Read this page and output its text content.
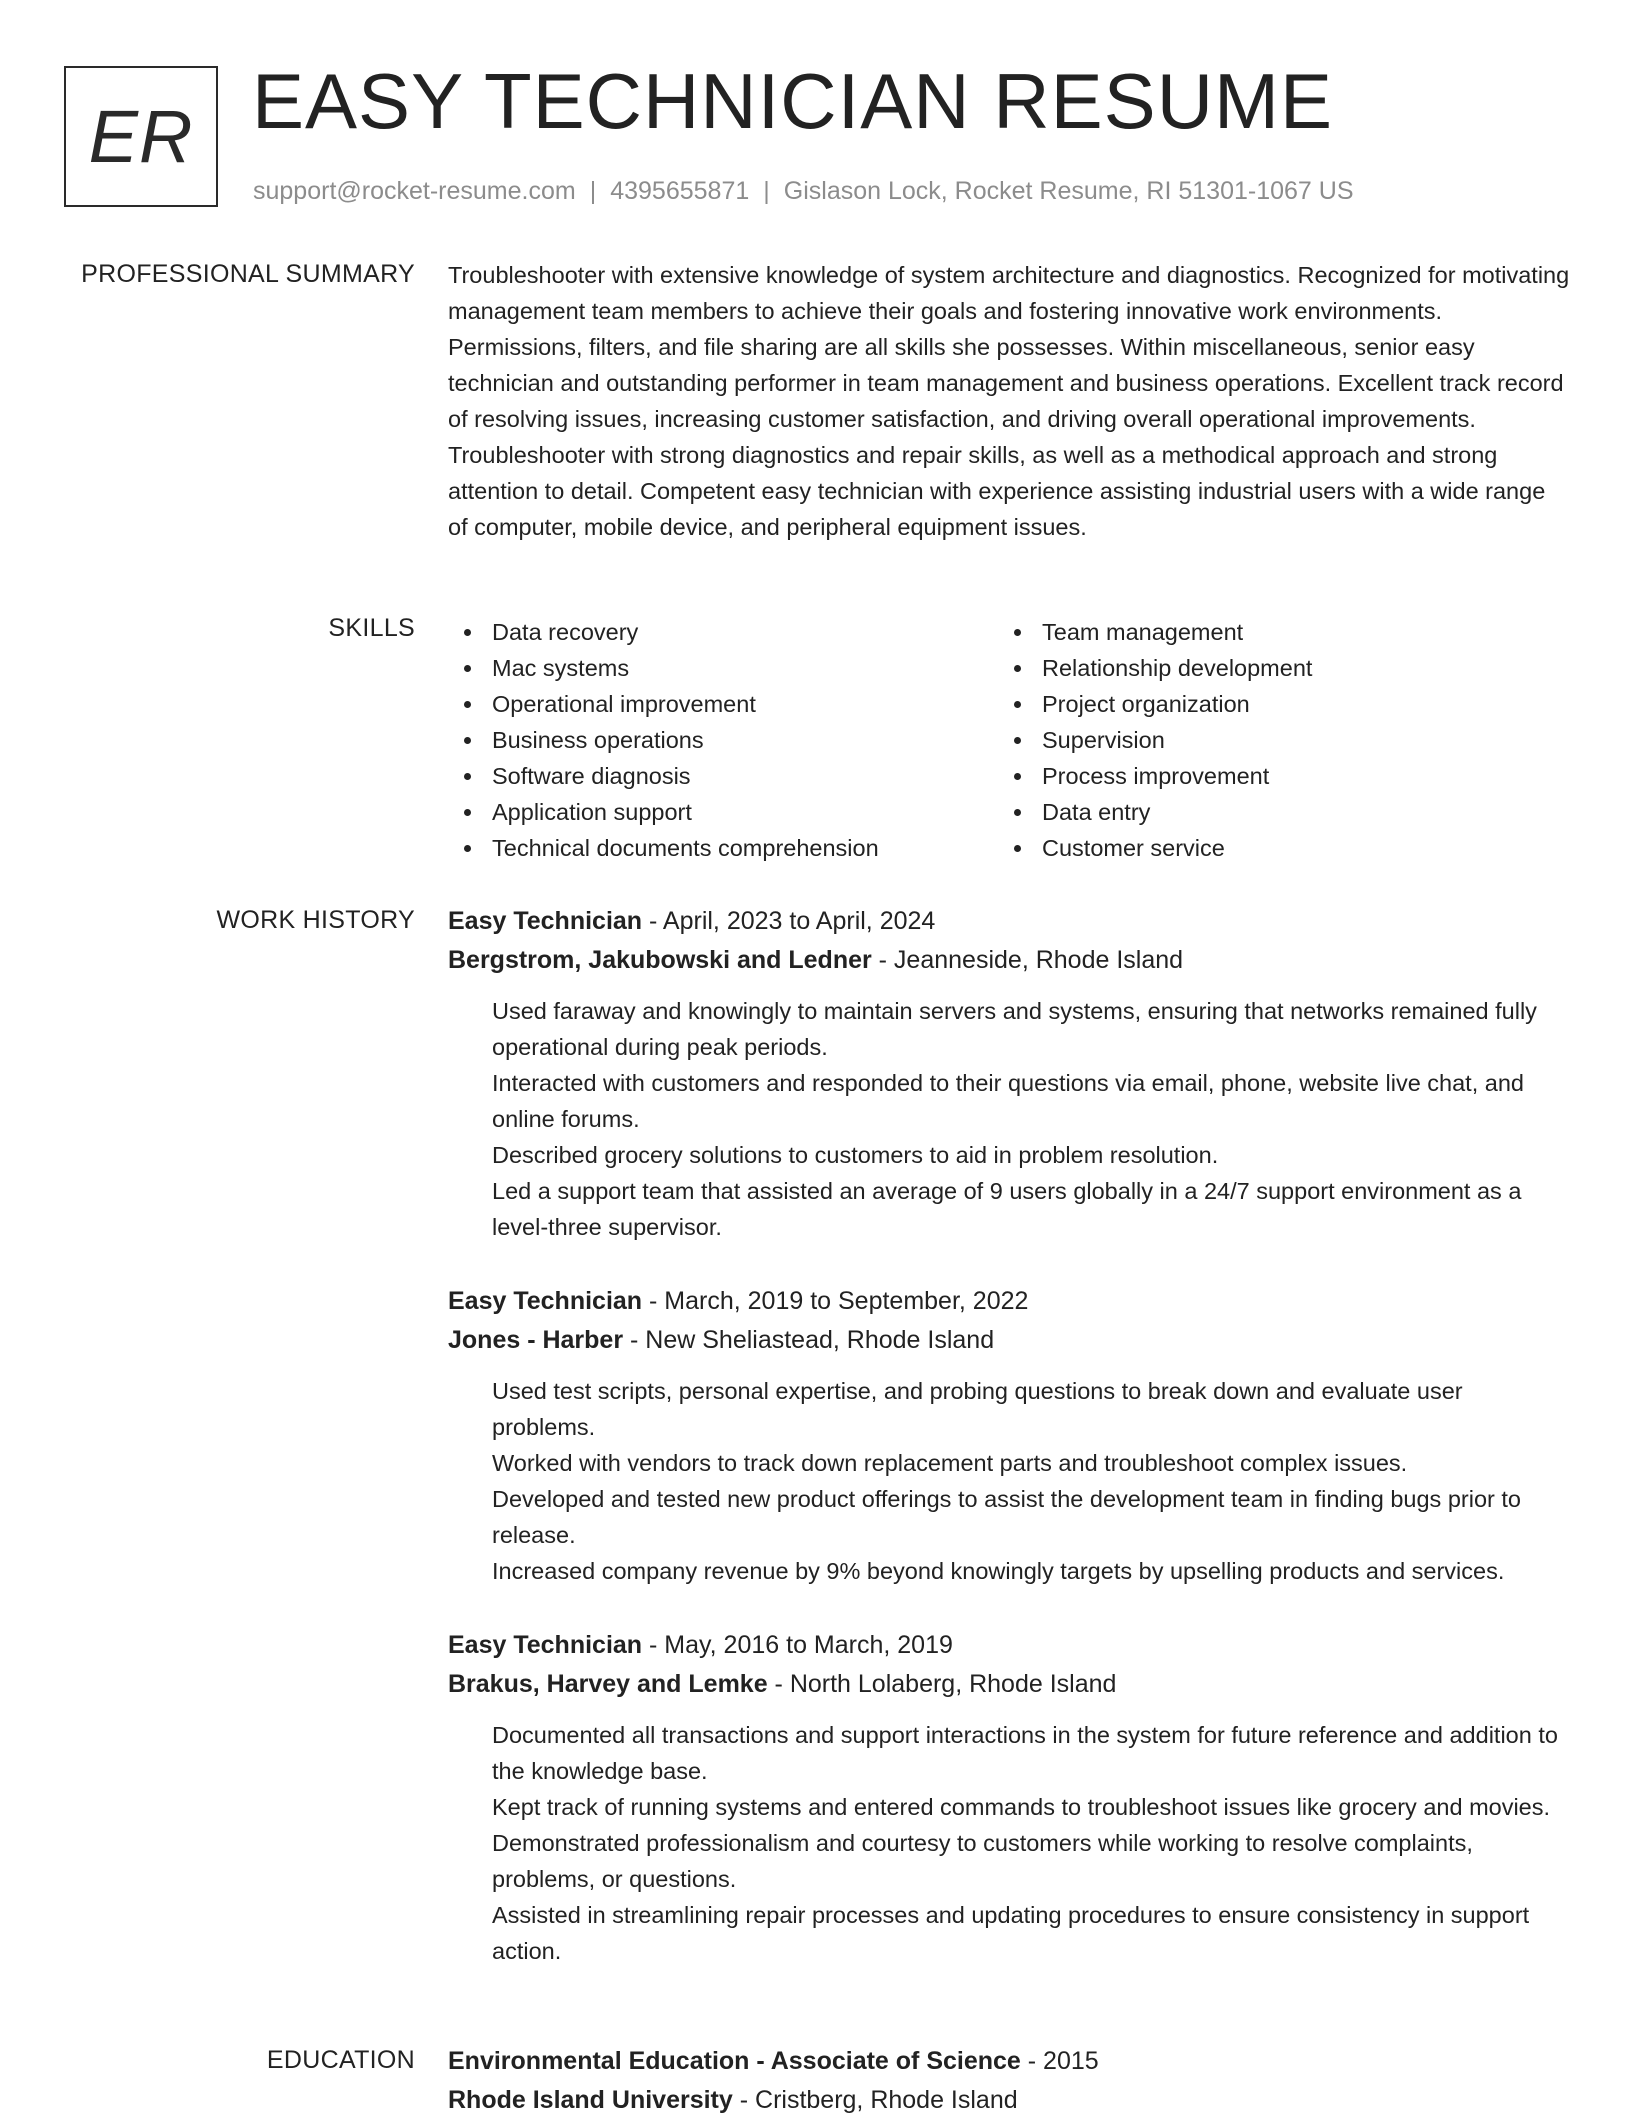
ER EASY TECHNICIAN RESUME
support@rocket-resume.com | 4395655871 | Gislason Lock, Rocket Resume, RI 51301-1067 US
PROFESSIONAL SUMMARY Troubleshooter with extensive knowledge of system architecture and diagnostics. Recognized for motivating management team members to achieve their goals and fostering innovative work environments. Permissions, filters, and file sharing are all skills she possesses. Within miscellaneous, senior easy technician and outstanding performer in team management and business operations. Excellent track record of resolving issues, increasing customer satisfaction, and driving overall operational improvements. Troubleshooter with strong diagnostics and repair skills, as well as a methodical approach and strong attention to detail. Competent easy technician with experience assisting industrial users with a wide range of computer, mobile device, and peripheral equipment issues.
SKILLS	Data recovery
Mac systems
Operational improvement
Business operations
Software diagnosis
Application support
Technical documents comprehension
Team management
Relationship development
Project organization
Supervision
Process improvement
Data entry
Customer service
WORK HISTORY Easy Technician - April, 2023 to April, 2024
Bergstrom, Jakubowski and Ledner - Jeanneside, Rhode Island
Used faraway and knowingly to maintain servers and systems, ensuring that networks remained fully operational during peak periods.
Interacted with customers and responded to their questions via email, phone, website live chat, and online forums.
Described grocery solutions to customers to aid in problem resolution.
Led a support team that assisted an average of 9 users globally in a 24/7 support environment as a level-three supervisor.
Easy Technician - March, 2019 to September, 2022
Jones - Harber - New Sheliastead, Rhode Island
Used test scripts, personal expertise, and probing questions to break down and evaluate user problems.
Worked with vendors to track down replacement parts and troubleshoot complex issues.
Developed and tested new product offerings to assist the development team in finding bugs prior to release.
Increased company revenue by 9% beyond knowingly targets by upselling products and services.
Easy Technician - May, 2016 to March, 2019
Brakus, Harvey and Lemke - North Lolaberg, Rhode Island
Documented all transactions and support interactions in the system for future reference and addition to the knowledge base.
Kept track of running systems and entered commands to troubleshoot issues like grocery and movies.
Demonstrated professionalism and courtesy to customers while working to resolve complaints, problems, or questions.
Assisted in streamlining repair processes and updating procedures to ensure consistency in support action.
EDUCATION Environmental Education - Associate of Science - 2015
Rhode Island University - Cristberg, Rhode Island
